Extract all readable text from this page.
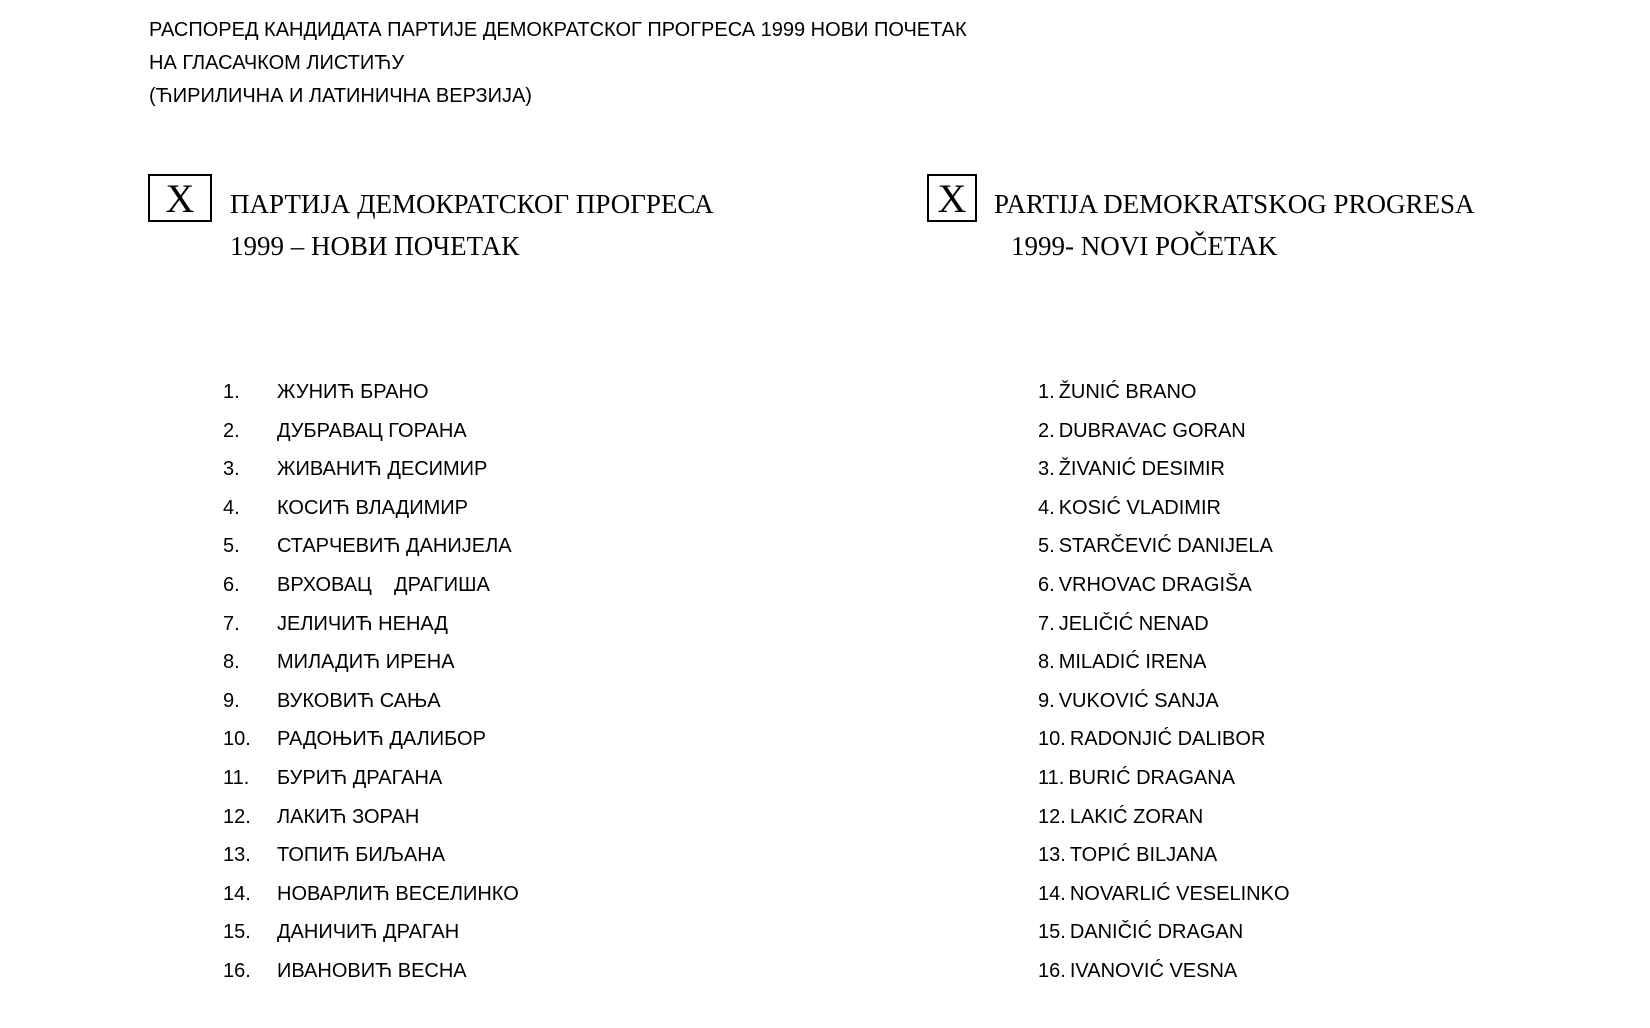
РАСПОРЕД КАНДИДАТА ПАРТИЈЕ ДЕМОКРАТСКОГ ПРОГРЕСА 1999 НОВИ ПОЧЕТАК
НА ГЛАСАЧКОМ ЛИСТИЋУ
(ЋИРИЛИЧНА И ЛАТИНИЧНА ВЕРЗИЈА)
X	ПАРТИЈА ДЕМОКРАТСКОГ ПРОГРЕСА
1999 – НОВИ ПОЧЕТАК
X	PARTIJA DEMOKRATSKOG PROGRESA
1999- NOVI POČETAK
1. ЖУНИЋ БРАНО
2. ДУБРАВАЦ ГОРАНА
3. ЖИВАНИЋ ДЕСИМИР
4. КОСИЋ ВЛАДИМИР
5. СТАРЧЕВИЋ ДАНИЈЕЛА
6. ВРХОВАЦ    ДРАГИША
7. ЈЕЛИЧИЋ НЕНАД
8. МИЛАДИЋ ИРЕНА
9. ВУКОВИЋ САЊА
10. РАДОЊИЋ ДАЛИБОР
11. БУРИЋ ДРАГАНА
12. ЛАКИЋ ЗОРАН
13. ТОПИЋ БИЉАНА
14. НОВАРЛИЋ ВЕСЕЛИНКО
15. ДАНИЧИЋ ДРАГАН
16. ИВАНОВИЋ ВЕСНА
1. ŽUNIĆ BRANO
2. DUBRAVAC GORAN
3. ŽIVANIĆ DESIMIR
4. KOSIĆ VLADIMIR
5. STARČEVIĆ DANIJELA
6. VRHOVAC DRAGIŠA
7. JELIČIĆ NENAD
8. MILADIĆ IRENA
9. VUKOVIĆ SANJA
10. RADONJIĆ DALIBOR
11. BURIĆ DRAGANA
12. LAKIĆ ZORAN
13. TOPIĆ BILJANA
14. NOVARLIĆ VESELINKO
15. DANIČIĆ DRAGAN
16. IVANOVIĆ VESNA
